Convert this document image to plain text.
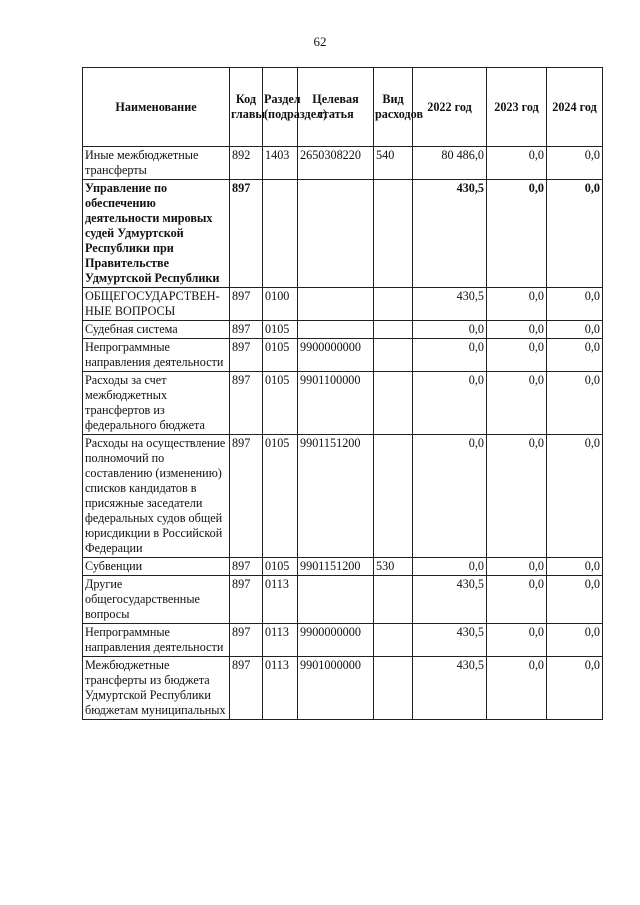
62
Наименование	Код главы	Раздел (подраздел)	Целевая статья	Вид расходов	2022 год	2023 год	2024 год
Иные межбюджетные трансферты	892	1403	2650308220	540	80 486,0	0,0	0,0
Управление по обеспечению деятельности мировых судей Удмуртской Республики при Правительстве Удмуртской Республики	897				430,5	0,0	0,0
ОБЩЕГОСУДАРСТВЕН-НЫЕ ВОПРОСЫ	897	0100			430,5	0,0	0,0
Судебная система	897	0105			0,0	0,0	0,0
Непрограммные направления деятельности	897	0105	9900000000		0,0	0,0	0,0
Расходы за счет межбюджетных трансфертов из федерального бюджета	897	0105	9901100000		0,0	0,0	0,0
Расходы на осуществление полномочий по составлению (изменению) списков кандидатов в присяжные заседатели федеральных судов общей юрисдикции в Российской Федерации	897	0105	9901151200		0,0	0,0	0,0
Субвенции	897	0105	9901151200	530	0,0	0,0	0,0
Другие общегосударственные вопросы	897	0113			430,5	0,0	0,0
Непрограммные направления деятельности	897	0113	9900000000		430,5	0,0	0,0
Межбюджетные трансферты из бюджета Удмуртской Республики бюджетам муниципальных	897	0113	9901000000		430,5	0,0	0,0
